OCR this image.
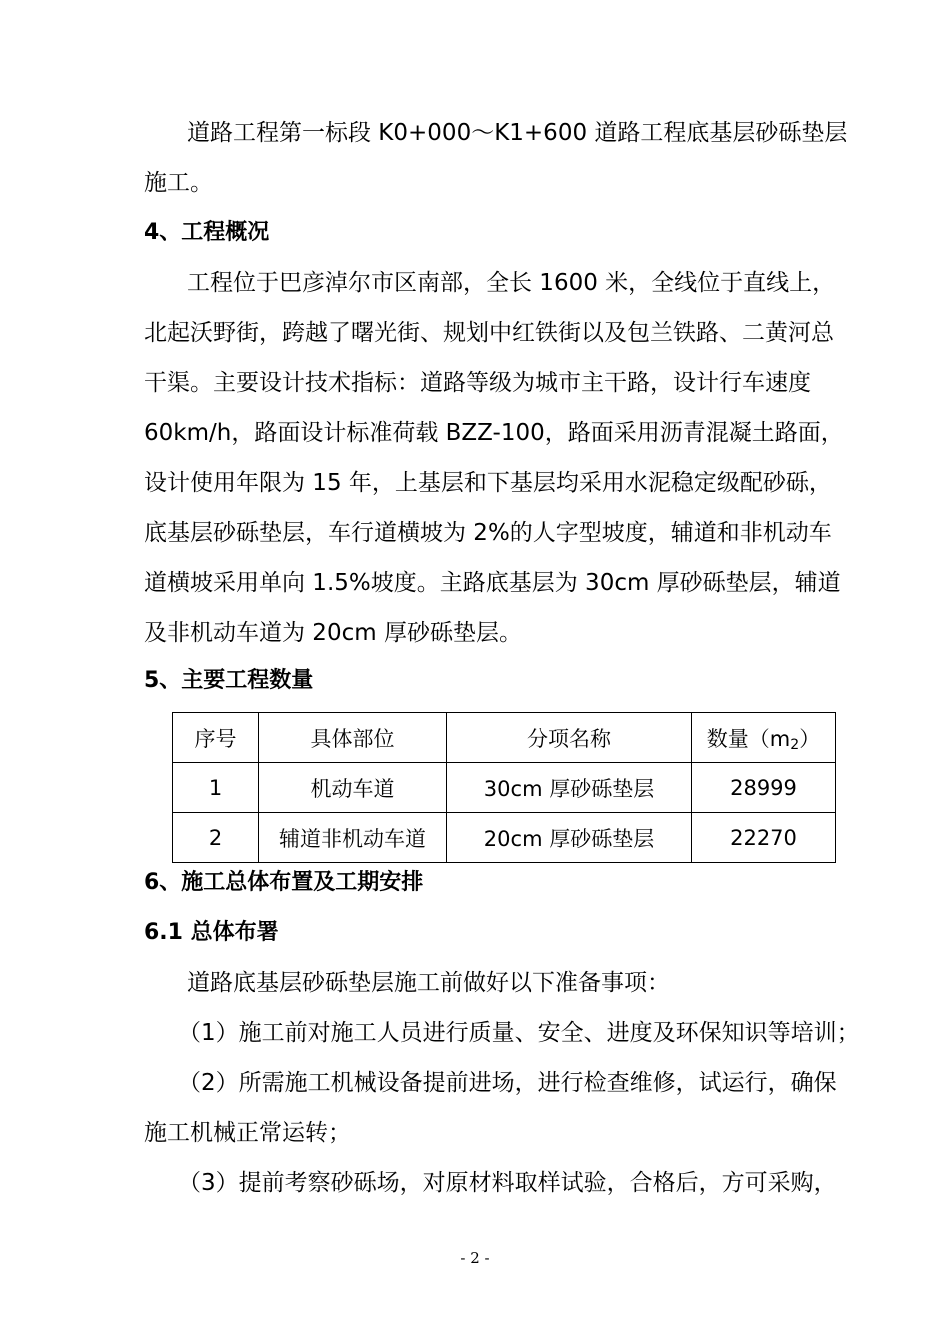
道路工程第一标段 K0+000～K1+600 道路工程底基层砂砾垫层
施工。
4、工程概况
工程位于巴彦淖尔市区南部，全长 1600 米，全线位于直线上，
北起沃野街，跨越了曙光街、规划中红铁街以及包兰铁路、二黄河总
干渠。主要设计技术指标：道路等级为城市主干路，设计行车速度
60km/h，路面设计标准荷载 BZZ-100，路面采用沥青混凝土路面，
设计使用年限为 15 年，上基层和下基层均采用水泥稳定级配砂砾，
底基层砂砾垫层，车行道横坡为 2%的人字型坡度，辅道和非机动车
道横坡采用单向 1.5%坡度。主路底基层为 30cm 厚砂砾垫层，辅道
及非机动车道为 20cm 厚砂砾垫层。
5、主要工程数量
序号	具体部位	分项名称	数量$(m_2)$
1	机动车道	30cm 厚砂砾垫层	28999
2	辅道非机动车道	20cm 厚砂砾垫层	22270
6、施工总体布置及工期安排
6.1 总体布署
道路底基层砂砾垫层施工前做好以下准备事项：
（1）施工前对施工人员进行质量、安全、进度及环保知识等培训；
（2）所需施工机械设备提前进场，进行检查维修，试运行，确保
施工机械正常运转；
（3）提前考察砂砾场，对原材料取样试验，合格后，方可采购，
- 2 -
